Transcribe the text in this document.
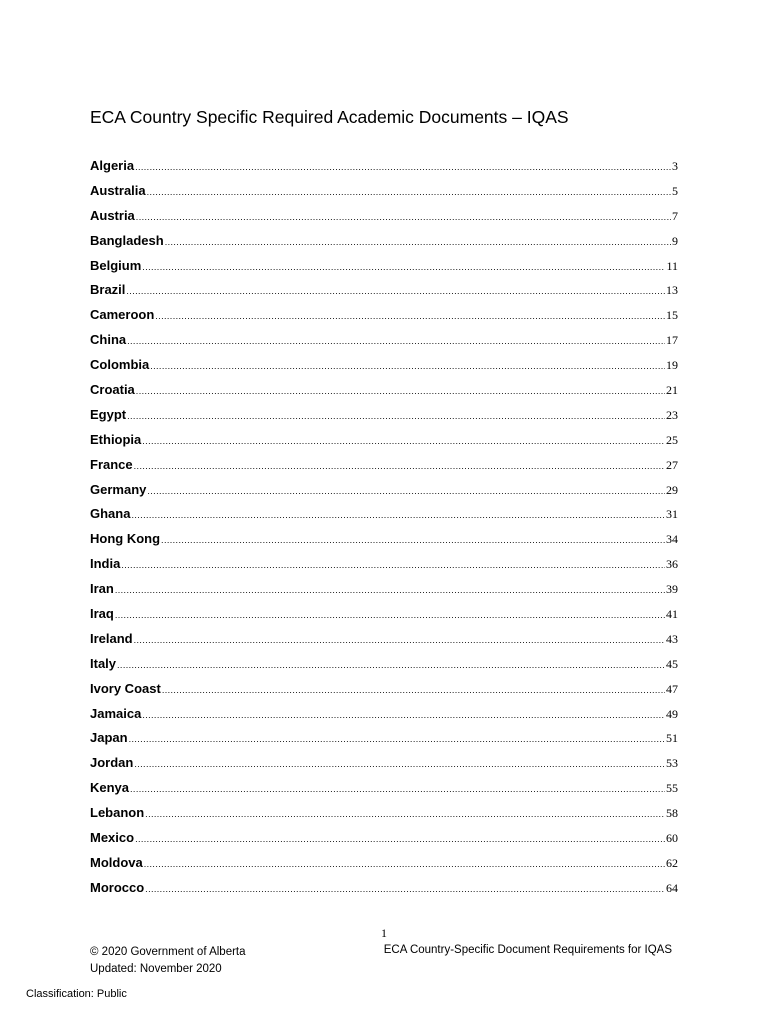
ECA Country Specific Required Academic Documents – IQAS
Algeria .....	3
Australia .....	5
Austria .....	7
Bangladesh .....	9
Belgium .....	11
Brazil .....	13
Cameroon .....	15
China .....	17
Colombia .....	19
Croatia .....	21
Egypt .....	23
Ethiopia .....	25
France .....	27
Germany .....	29
Ghana .....	31
Hong Kong .....	34
India .....	36
Iran .....	39
Iraq .....	41
Ireland .....	43
Italy .....	45
Ivory Coast .....	47
Jamaica .....	49
Japan .....	51
Jordan .....	53
Kenya .....	55
Lebanon .....	58
Mexico .....	60
Moldova .....	62
Morocco .....	64
1
© 2020 Government of Alberta
Updated: November 2020
ECA Country-Specific Document Requirements for IQAS
Classification: Public
